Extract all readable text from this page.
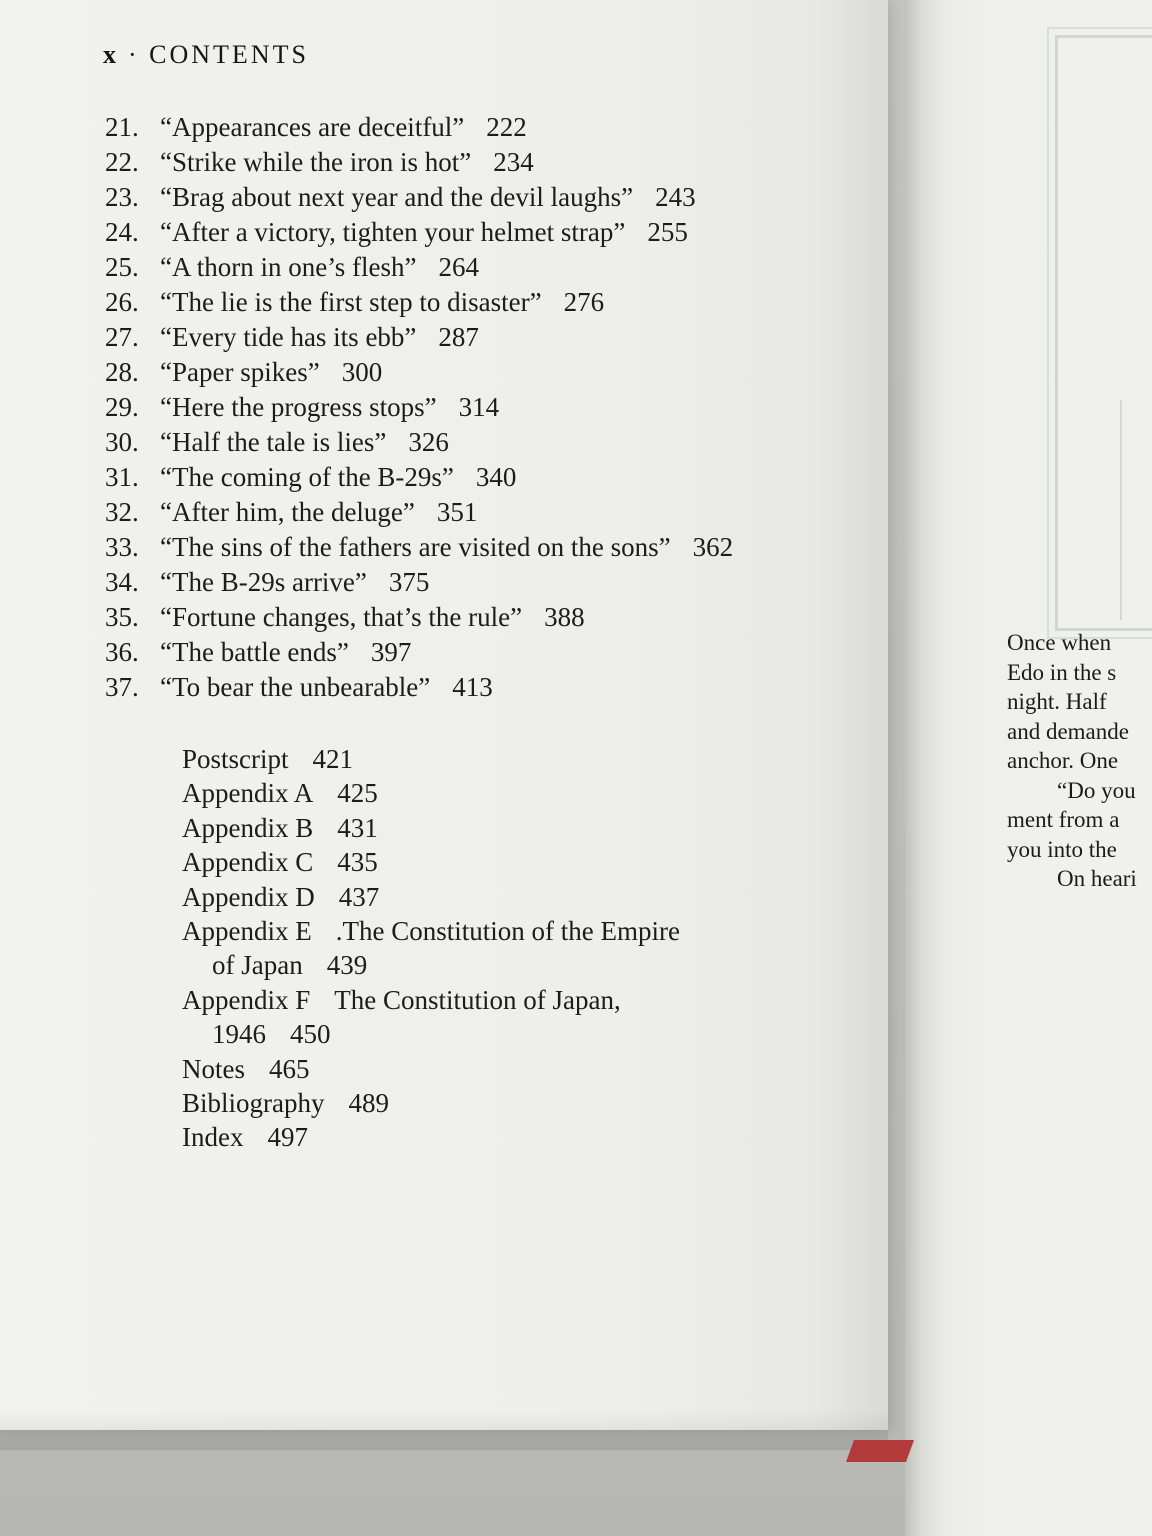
Once when
Edo in the s
night. Half
and demande
anchor. One
“Do you
ment from a
you into the
On heari
x · CONTENTS
21. “Appearances are deceitful” 222
22. “Strike while the iron is hot” 234
23. “Brag about next year and the devil laughs” 243
24. “After a victory, tighten your helmet strap” 255
25. “A thorn in one’s flesh” 264
26. “The lie is the first step to disaster” 276
27. “Every tide has its ebb” 287
28. “Paper spikes” 300
29. “Here the progress stops” 314
30. “Half the tale is lies” 326
31. “The coming of the B-29s” 340
32. “After him, the deluge” 351
33. “The sins of the fathers are visited on the sons” 362
34. “The B-29s arrive” 375
35. “Fortune changes, that’s the rule” 388
36. “The battle ends” 397
37. “To bear the unbearable” 413
Postscript 421
Appendix A 425
Appendix B 431
Appendix C 435
Appendix D 437
Appendix E .The Constitution of the Empire
of Japan 439
Appendix F The Constitution of Japan,
1946 450
Notes 465
Bibliography 489
Index 497
